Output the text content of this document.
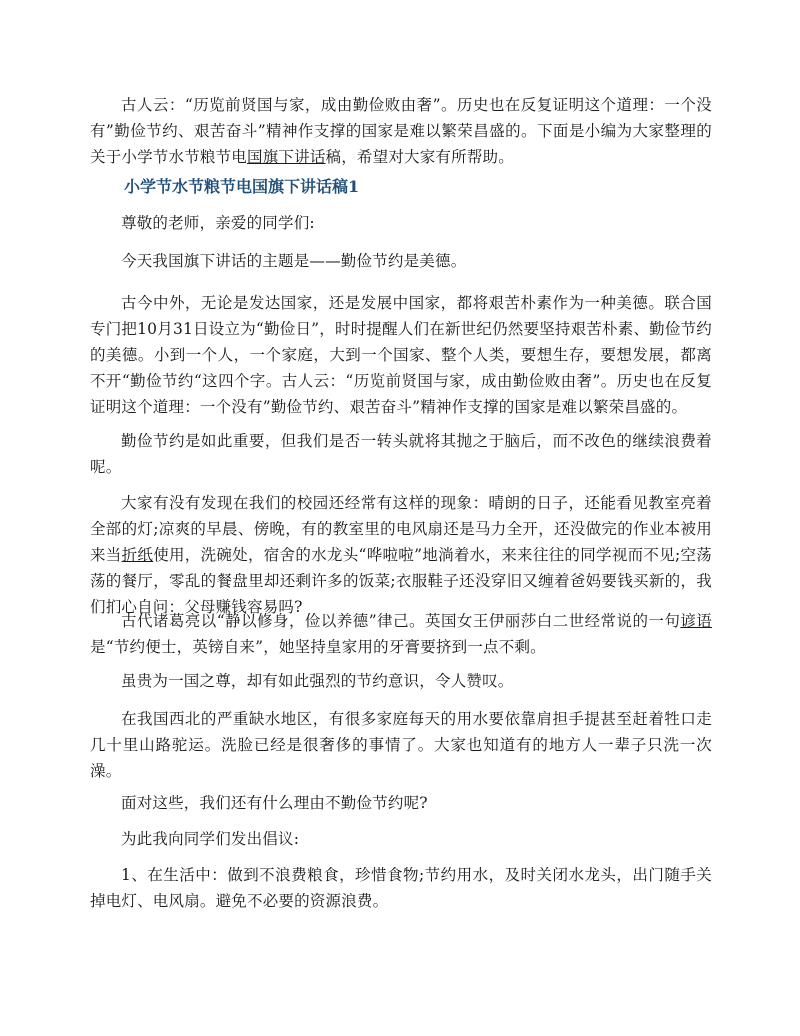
古人云：“历览前贤国与家，成由勤俭败由奢”。历史也在反复证明这个道理：一个没有”勤俭节约、艰苦奋斗”精神作支撑的国家是难以繁荣昌盛的。下面是小编为大家整理的关于小学节水节粮节电国旗下讲话稿，希望对大家有所帮助。

小学节水节粮节电国旗下讲话稿1

尊敬的老师，亲爱的同学们:

今天我国旗下讲话的主题是——勤俭节约是美德。

古今中外，无论是发达国家，还是发展中国家，都将艰苦朴素作为一种美德。联合国专门把10月31日设立为“勤俭日”，时时提醒人们在新世纪仍然要坚持艰苦朴素、勤俭节约的美德。小到一个人，一个家庭，大到一个国家、整个人类，要想生存，要想发展，都离不开“勤俭节约“这四个字。古人云：“历览前贤国与家，成由勤俭败由奢”。历史也在反复证明这个道理：一个没有”勤俭节约、艰苦奋斗”精神作支撑的国家是难以繁荣昌盛的。

勤俭节约是如此重要，但我们是否一转头就将其抛之于脑后，而不改色的继续浪费着呢。

大家有没有发现在我们的校园还经常有这样的现象：晴朗的日子，还能看见教室亮着全部的灯;凉爽的早晨、傍晚，有的教室里的电风扇还是马力全开，还没做完的作业本被用来当折纸使用，洗碗处，宿舍的水龙头“哗啦啦”地淌着水，来来往往的同学视而不见;空荡荡的餐厅，零乱的餐盘里却还剩许多的饭菜;衣服鞋子还没穿旧又缠着爸妈要钱买新的，我们扪心自问：父母赚钱容易吗?

古代诸葛亮以“静以修身，俭以养德”律己。英国女王伊丽莎白二世经常说的一句谚语是“节约便士，英镑自来”，她坚持皇家用的牙膏要挤到一点不剩。

虽贵为一国之尊，却有如此强烈的节约意识，令人赞叹。

在我国西北的严重缺水地区，有很多家庭每天的用水要依靠肩担手提甚至赶着牲口走几十里山路驼运。洗脸已经是很奢侈的事情了。大家也知道有的地方人一辈子只洗一次澡。

面对这些，我们还有什么理由不勤俭节约呢?

为此我向同学们发出倡议:

1、在生活中：做到不浪费粮食，珍惜食物;节约用水，及时关闭水龙头，出门随手关掉电灯、电风扇。避免不必要的资源浪费。
